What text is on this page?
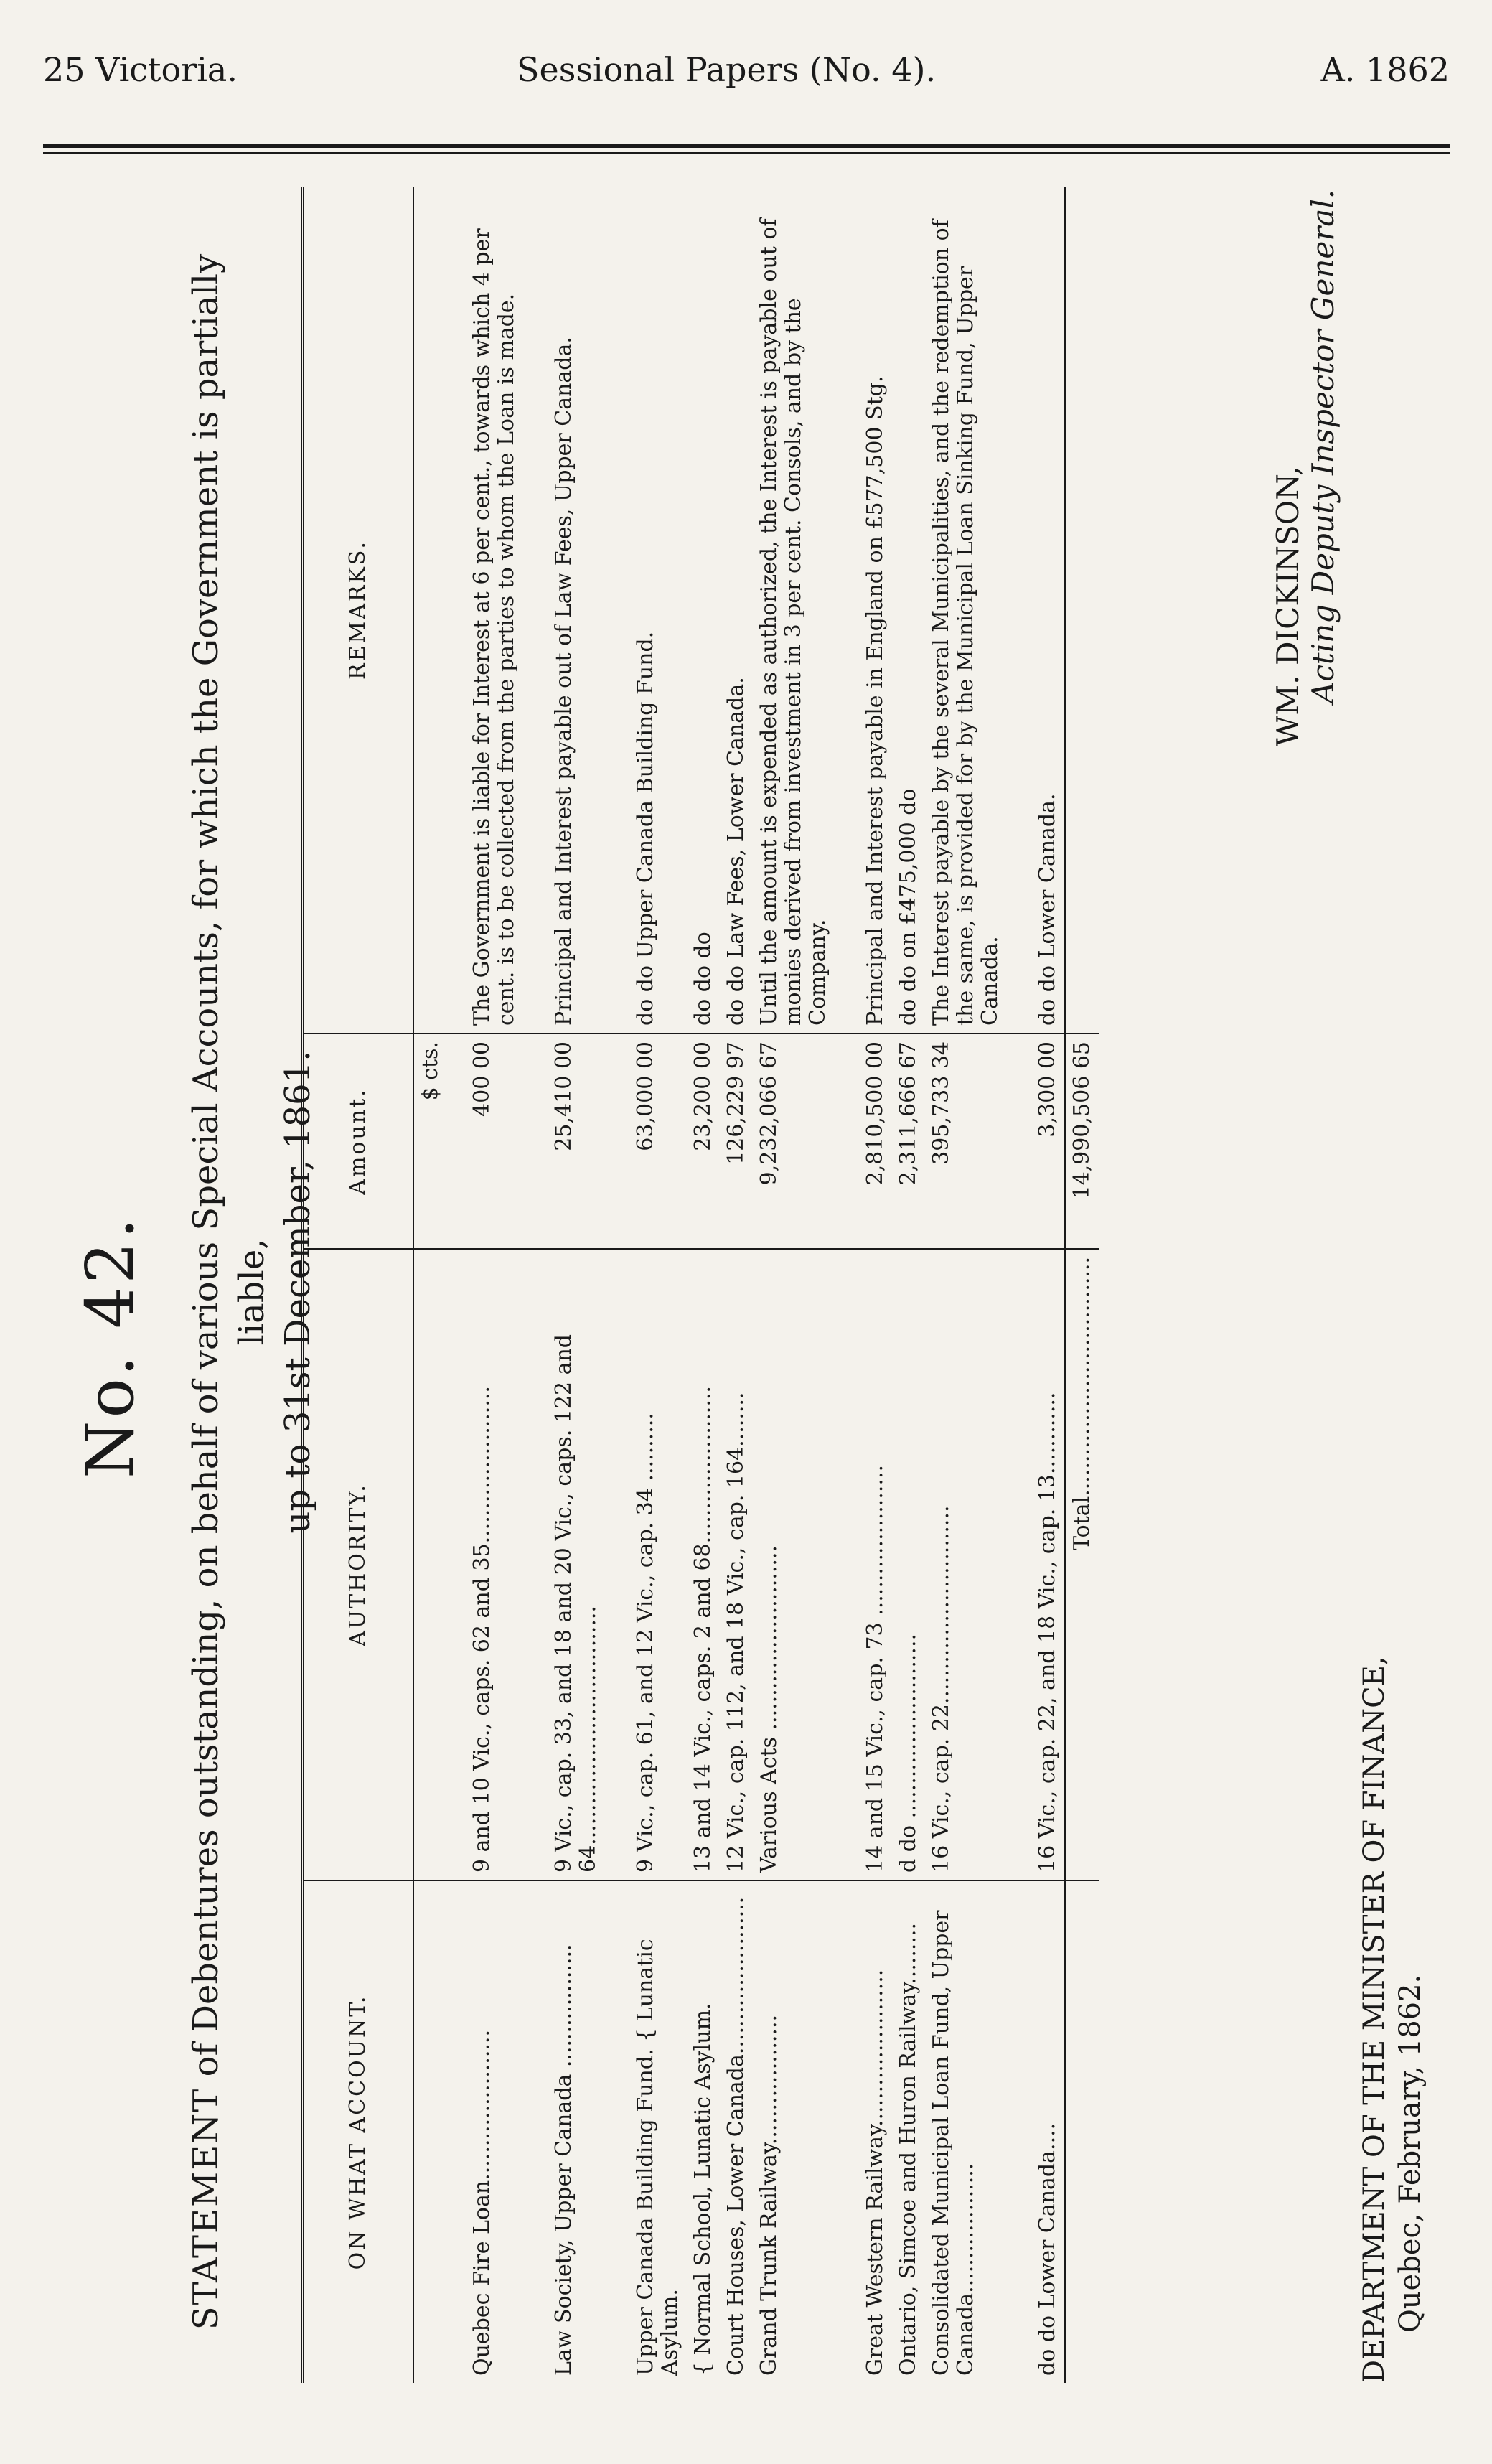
25 Victoria.	Sessional Papers (No. 4).	A. 1862
No. 42.
STATEMENT of Debentures outstanding, on behalf of various Special Accounts, for which the Government is partially liable, up to 31st December, 1861.
ON WHAT ACCOUNT.	AUTHORITY.	Amount.	REMARKS.
		$ cts.	
Quebec Fire Loan......................	9 and 10 Vic., caps. 62 and 35.......................	400 00	The Government is liable for Interest at 6 per cent., towards which 4 per cent. is to be collected from the parties to whom the Loan is made.

Law Society, Upper Canada ..................	9 Vic., cap. 33, and 18 and 20 Vic., caps. 122 and 64...................................	25,410 00	Principal and Interest payable out of Law Fees, Upper Canada.

Upper Canada Building Fund. { Lunatic Asylum.	9 Vic., cap. 61, and 12 Vic., cap. 34 ..........	63,000 00	do do Upper Canada Building Fund.
{ Normal School, Lunatic Asylum.	13 and 14 Vic., caps. 2 and 68.......................	23,200 00	do do do
Court Houses, Lower Canada.......................	12 Vic., cap. 112, and 18 Vic., cap. 164........	126,229 97	do do Law Fees, Lower Canada.
Grand Trunk Railway...................	Various Acts ...........................	9,232,066 67	Until the amount is expended as authorized, the Interest is payable out of monies derived from investment in 3 per cent. Consols, and by the Company.

Great Western Railway.......................	14 and 15 Vic., cap. 73 ......................	2,810,500 00	Principal and Interest payable in England on £577,500 Stg.
Ontario, Simcoe and Huron Railway.........	d do ...........................	2,311,666 67	do do on £475,000 do
Consolidated Municipal Loan Fund, Upper Canada...................	16 Vic., cap. 22.............................	395,733 34	The Interest payable by the several Municipalities, and the redemption of the same, is provided for by the Municipal Loan Sinking Fund, Upper Canada.

do do Lower Canada....	16 Vic., cap. 22, and 18 Vic., cap. 13............	3,300 00	do do Lower Canada.
	Total...................................	14,990,506 65	
WM. DICKINSON, Acting Deputy Inspector General.
DEPARTMENT OF THE MINISTER OF FINANCE, Quebec, February, 1862.
